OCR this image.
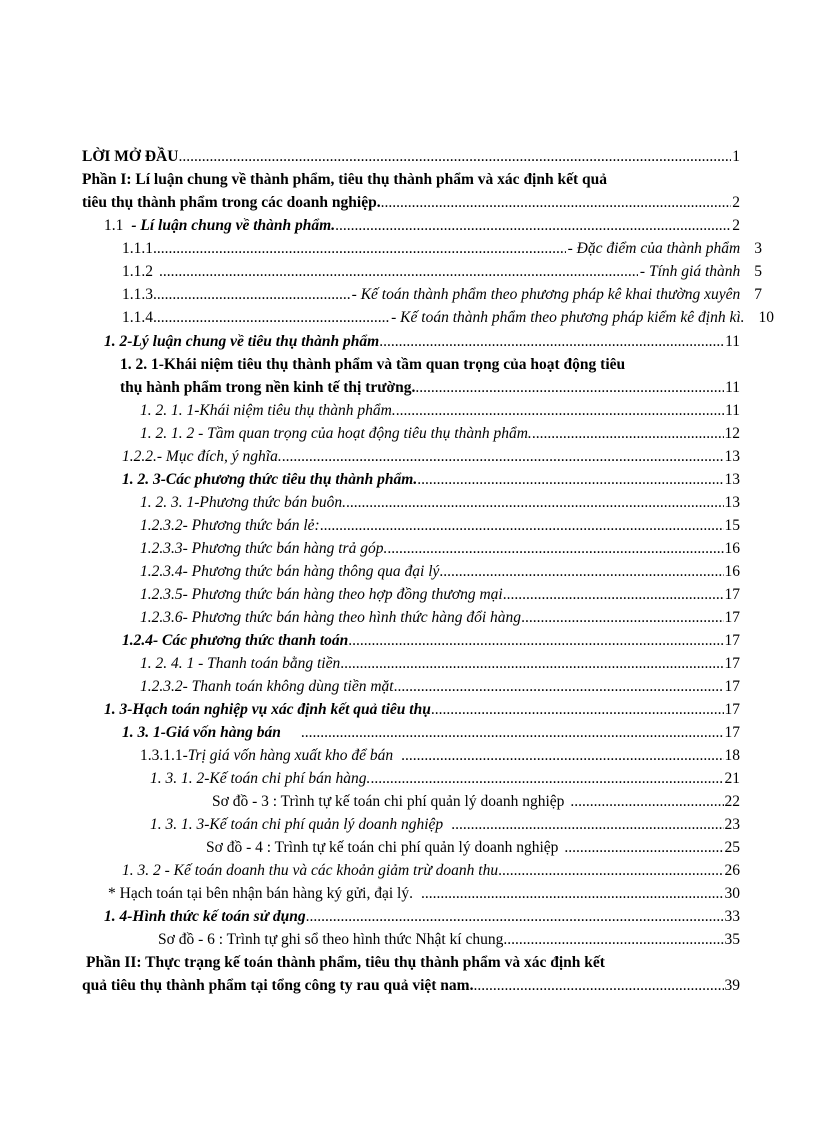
LỜI MỞ ĐẦU .....	1
Phần I: Lí luận chung về thành phẩm, tiêu thụ thành phẩm và xác định kết quả
tiêu thụ thành phẩm trong các doanh nghiệp. .....	2
1.1 - Lí luận chung về thành phẩm. .....	2
1.1.1 .....	- Đặc điểm của thành phẩm 3
1.1.2 .....	- Tính giá thành 5
1.1.3 .....	- Kế toán thành phẩm theo phương pháp kê khai thường xuyên 7
1.1.4 .....	- Kế toán thành phẩm theo phương pháp kiểm kê định kì. 10
1. 2-Lý luận chung về tiêu thụ thành phẩm .....	11
1. 2. 1-Khái niệm tiêu thụ thành phẩm và tầm quan trọng của hoạt động tiêu
thụ hành phẩm trong nền kinh tế thị trường. .....	11
1. 2. 1. 1-Khái niệm tiêu thụ thành phẩm. .....	11
1. 2. 1. 2 - Tầm quan trọng của hoạt động tiêu thụ thành phẩm. .....	12
1.2.2.- Mục đích, ý nghĩa. .....	13
1. 2. 3-Các phương thức tiêu thụ thành phẩm. .....	13
1. 2. 3. 1-Phương thức bán buôn. .....	13
1.2.3.2- Phương thức bán lẻ: .....	15
1.2.3.3- Phương thức bán hàng trả góp. .....	16
1.2.3.4- Phương thức bán hàng thông qua đại lý .....	16
1.2.3.5- Phương thức bán hàng theo hợp đồng thương mại .....	17
1.2.3.6- Phương thức bán hàng theo hình thức hàng đổi hàng .....	17
1.2.4- Các phương thức thanh toán .....	17
1. 2. 4. 1 - Thanh toán bằng tiền .....	17
1.2.3.2- Thanh toán không dùng tiền mặt .....	17
1. 3-Hạch toán nghiệp vụ xác định kết quả tiêu thụ .....	17
1. 3. 1-Giá vốn hàng bán .....	17
1.3.1.1- Trị giá vốn hàng xuất kho để bán .....	18
1. 3. 1. 2-Kế toán chi phí bán hàng. .....	21
Sơ đồ - 3 : Trình tự kế toán chi phí quản lý doanh nghiệp .....	22
1. 3. 1. 3-Kế toán chi phí quản lý doanh nghiệp .....	23
Sơ đồ - 4 : Trình tự kế toán chi phí quản lý doanh nghiệp .....	25
1. 3. 2 - Kế toán doanh thu và các khoản giảm trừ doanh thu .....	26
* Hạch toán tại bên nhận bán hàng ký gửi, đại lý. .....	30
1. 4-Hình thức kế toán sử dụng .....	33
Sơ đồ - 6 : Trình tự ghi sổ theo hình thức Nhật kí chung .....	35
Phần II: Thực trạng kế toán thành phẩm, tiêu thụ thành phẩm và xác định kết
quả tiêu thụ thành phẩm tại tổng công ty rau quả việt nam. .....	39
